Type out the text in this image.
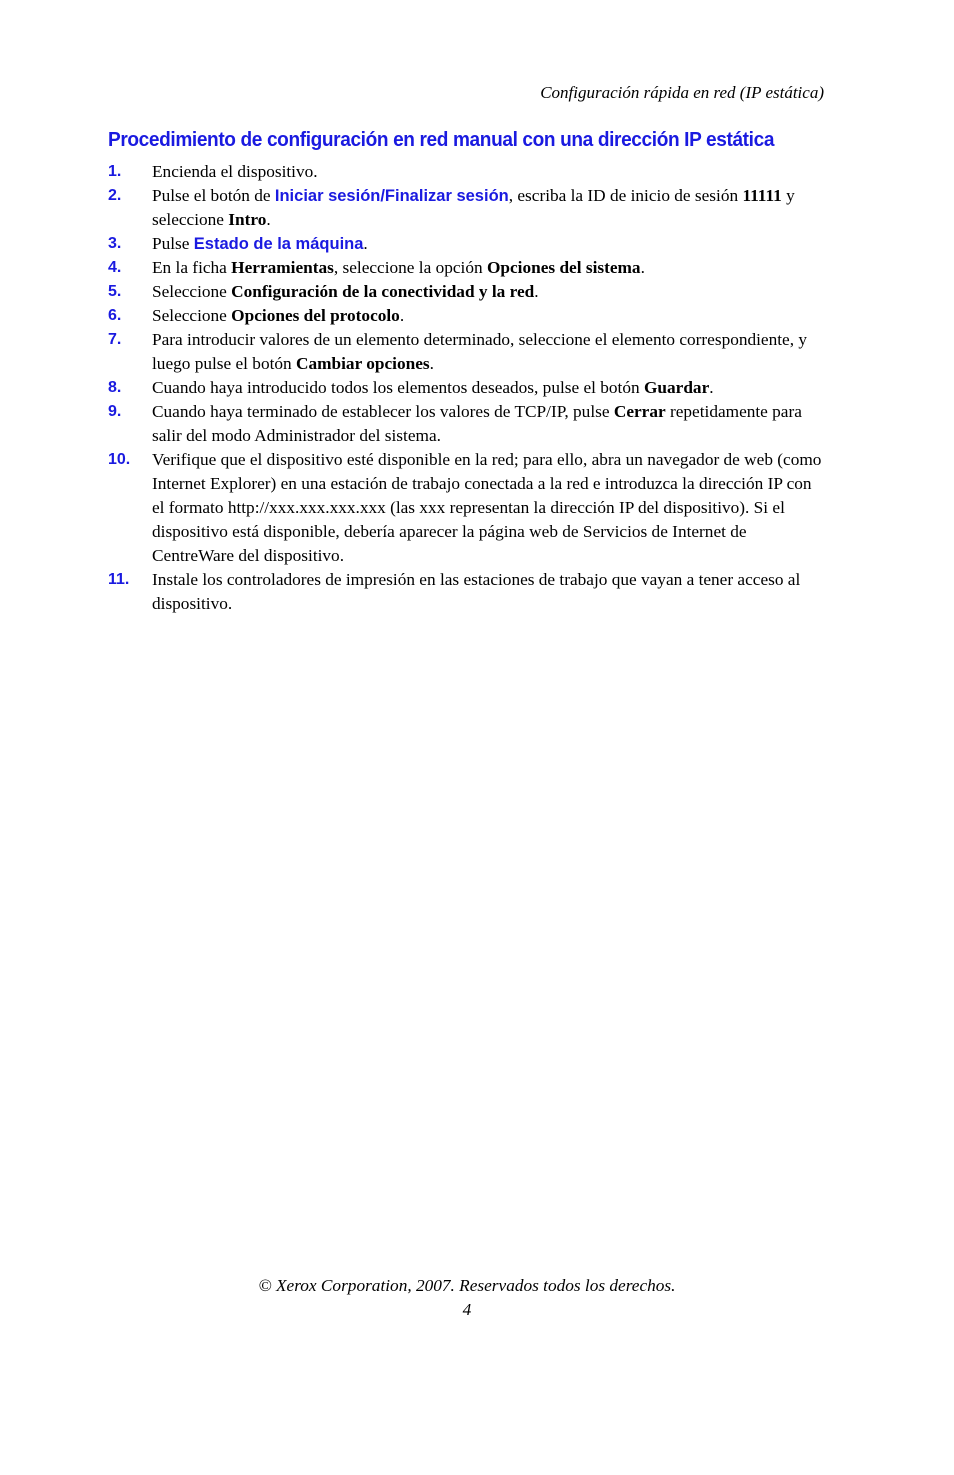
Configuración rápida en red (IP estática)
Procedimiento de configuración en red manual con una dirección IP estática
1. Encienda el dispositivo.
2. Pulse el botón de Iniciar sesión/Finalizar sesión, escriba la ID de inicio de sesión 11111 y seleccione Intro.
3. Pulse Estado de la máquina.
4. En la ficha Herramientas, seleccione la opción Opciones del sistema.
5. Seleccione Configuración de la conectividad y la red.
6. Seleccione Opciones del protocolo.
7. Para introducir valores de un elemento determinado, seleccione el elemento correspondiente, y luego pulse el botón Cambiar opciones.
8. Cuando haya introducido todos los elementos deseados, pulse el botón Guardar.
9. Cuando haya terminado de establecer los valores de TCP/IP, pulse Cerrar repetidamente para salir del modo Administrador del sistema.
10. Verifique que el dispositivo esté disponible en la red; para ello, abra un navegador de web (como Internet Explorer) en una estación de trabajo conectada a la red e introduzca la dirección IP con el formato http://xxx.xxx.xxx.xxx (las xxx representan la dirección IP del dispositivo). Si el dispositivo está disponible, debería aparecer la página web de Servicios de Internet de CentreWare del dispositivo.
11. Instale los controladores de impresión en las estaciones de trabajo que vayan a tener acceso al dispositivo.
© Xerox Corporation, 2007. Reservados todos los derechos.
4
